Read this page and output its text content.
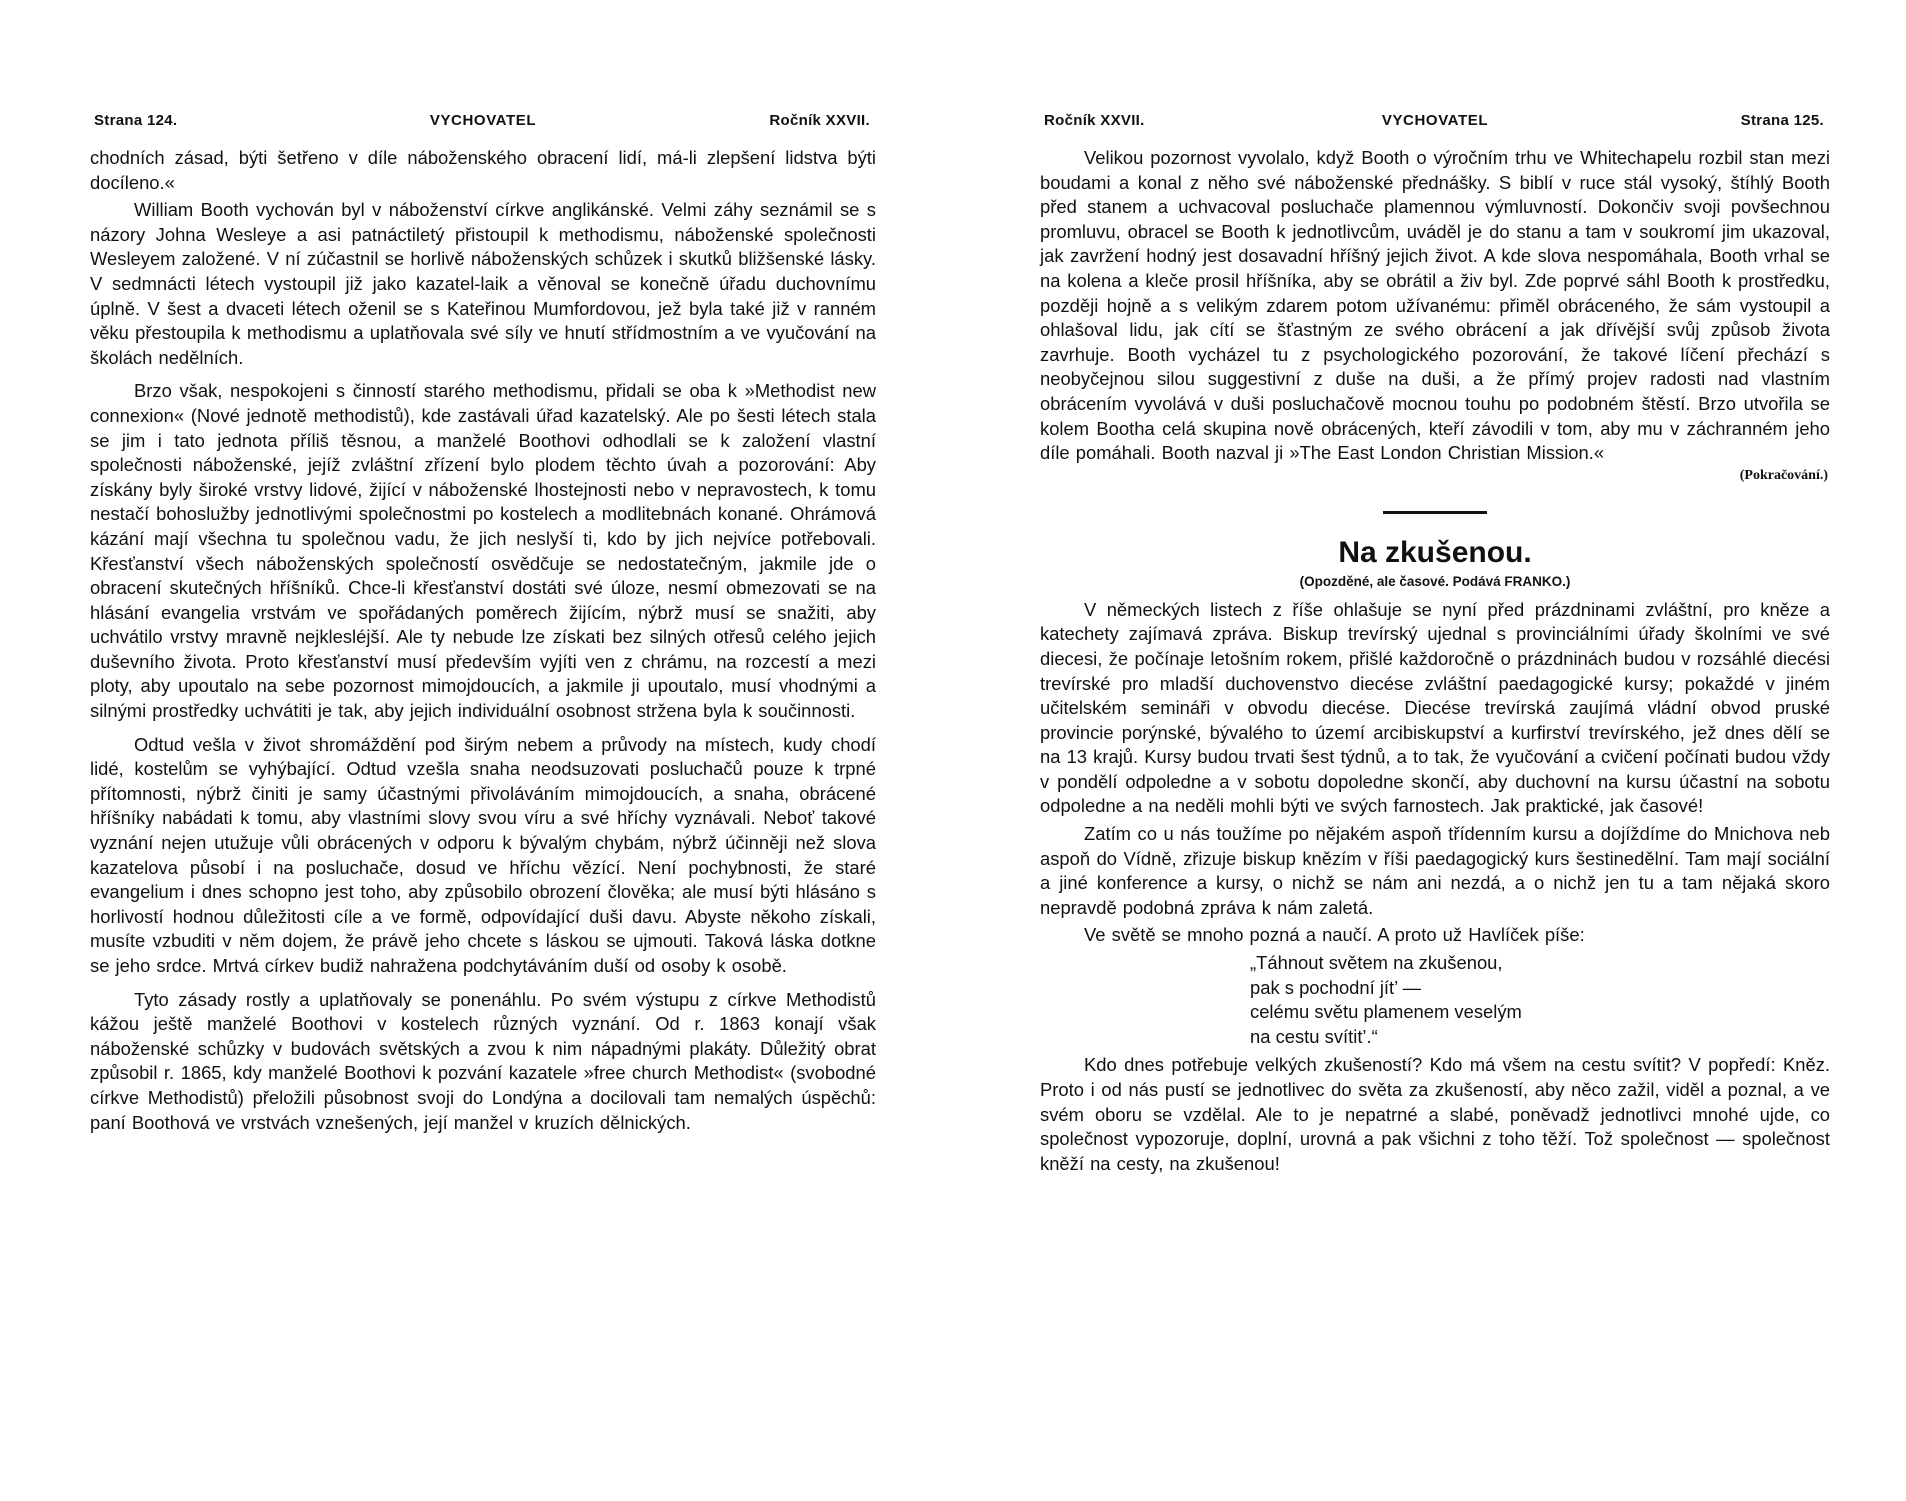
Strana 124.	VYCHOVATEL	Ročník XXVII.

chodních zásad, býti šetřeno v díle náboženského obracení lidí, má-li zlepšení lidstva býti docíleno.«

William Booth vychován byl v náboženství církve anglikánské. Velmi záhy seznámil se s názory Johna Wesleye a asi patnáctiletý přistoupil k methodismu, náboženské společnosti Wesleyem založené. V ní zúčastnil se horlivě náboženských schůzek i skutků bližšenské lásky. V sedmnácti létech vystoupil již jako kazatel-laik a věnoval se konečně úřadu duchovnímu úplně. V šest a dvaceti létech oženil se s Kateřinou Mumfordovou, jež byla také již v ranném věku přestoupila k methodismu a uplatňovala své síly ve hnutí střídmostním a ve vyučování na školách nedělních.

Brzo však, nespokojeni s činností starého methodismu, přidali se oba k »Methodist new connexion« (Nové jednotě methodistů), kde zastávali úřad kazatelský. Ale po šesti létech stala se jim i tato jednota příliš těsnou, a manželé Boothovi odhodlali se k založení vlastní společnosti náboženské, jejíž zvláštní zřízení bylo plodem těchto úvah a pozorování: Aby získány byly široké vrstvy lidové, žijící v náboženské lhostejnosti nebo v nepravostech, k tomu nestačí bohoslužby jednotlivými společnostmi po kostelech a modlitebnách konané. Ohrámová kázání mají všechna tu společnou vadu, že jich neslyší ti, kdo by jich nejvíce potřebovali. Křesťanství všech náboženských společností osvědčuje se nedostatečným, jakmile jde o obracení skutečných hříšníků. Chce-li křesťanství dostáti své úloze, nesmí obmezovati se na hlásání evangelia vrstvám ve spořádaných poměrech žijícím, nýbrž musí se snažiti, aby uchvátilo vrstvy mravně nejklesléjší. Ale ty nebude lze získati bez silných otřesů celého jejich duševního života. Proto křesťanství musí především vyjíti ven z chrámu, na rozcestí a mezi ploty, aby upoutalo na sebe pozornost mimojdoucích, a jakmile ji upoutalo, musí vhodnými a silnými prostředky uchvátiti je tak, aby jejich individuální osobnost stržena byla k součinnosti.

Odtud vešla v život shromáždění pod širým nebem a průvody na místech, kudy chodí lidé, kostelům se vyhýbající. Odtud vzešla snaha neodsuzovati posluchačů pouze k trpné přítomnosti, nýbrž činiti je samy účastnými přivoláváním mimojdoucích, a snaha, obrácené hříšníky nabádati k tomu, aby vlastními slovy svou víru a své hříchy vyznávali. Neboť takové vyznání nejen utužuje vůli obrácených v odporu k bývalým chybám, nýbrž účinněji než slova kazatelova působí i na posluchače, dosud ve hříchu vězící. Není pochybnosti, že staré evangelium i dnes schopno jest toho, aby způsobilo obrození člověka; ale musí býti hlásáno s horlivostí hodnou důležitosti cíle a ve formě, odpovídající duši davu. Abyste někoho získali, musíte vzbuditi v něm dojem, že právě jeho chcete s láskou se ujmouti. Taková láska dotkne se jeho srdce. Mrtvá církev budiž nahražena podchytáváním duší od osoby k osobě.

Tyto zásady rostly a uplatňovaly se ponenáhlu. Po svém výstupu z církve Methodistů kážou ještě manželé Boothovi v kostelech různých vyznání. Od r. 1863 konají však náboženské schůzky v budovách světských a zvou k nim nápadnými plakáty. Důležitý obrat způsobil r. 1865, kdy manželé Boothovi k pozvání kazatele »free church Methodist« (svobodné církve Methodistů) přeložili působnost svoji do Londýna a docilovali tam nemalých úspěchů: paní Boothová ve vrstvách vznešených, její manžel v kruzích dělnických.

Ročník XXVII.	VYCHOVATEL	Strana 125.

Velikou pozornost vyvolalo, když Booth o výročním trhu ve Whitechapelu rozbil stan mezi boudami a konal z něho své náboženské přednášky. S biblí v ruce stál vysoký, štíhlý Booth před stanem a uchvacoval posluchače plamennou výmluvností. Dokončiv svoji povšechnou promluvu, obracel se Booth k jednotlivcům, uváděl je do stanu a tam v soukromí jim ukazoval, jak zavržení hodný jest dosavadní hříšný jejich život. A kde slova nespomáhala, Booth vrhal se na kolena a kleče prosil hříšníka, aby se obrátil a živ byl. Zde poprvé sáhl Booth k prostředku, později hojně a s velikým zdarem potom užívanému: přiměl obráceného, že sám vystoupil a ohlašoval lidu, jak cítí se šťastným ze svého obrácení a jak dřívější svůj způsob života zavrhuje. Booth vycházel tu z psychologického pozorování, že takové líčení přechází s neobyčejnou silou suggestivní z duše na duši, a že přímý projev radosti nad vlastním obrácením vyvolává v duši posluchačově mocnou touhu po podobném štěstí. Brzo utvořila se kolem Bootha celá skupina nově obrácených, kteří závodili v tom, aby mu v záchranném jeho díle pomáhali. Booth nazval ji »The East London Christian Mission.«

(Pokračování.)
Na zkušenou.
(Opozděné, ale časové. Podává FRANKO.)

V německých listech z říše ohlašuje se nyní před prázdninami zvláštní, pro kněze a katechety zajímavá zpráva. Biskup trevírský ujednal s provinciálními úřady školními ve své diecesi, že počínaje letošním rokem, přišlé každoročně o prázdninách budou v rozsáhlé diecési trevírské pro mladší duchovenstvo diecése zvláštní paedagogické kursy; pokaždé v jiném učitelském semináři v obvodu diecése. Diecése trevírská zaujímá vládní obvod pruské provincie porýnské, bývalého to území arcibiskupství a kurfirství trevírského, jež dnes dělí se na 13 krajů. Kursy budou trvati šest týdnů, a to tak, že vyučování a cvičení počínati budou vždy v pondělí odpoledne a v sobotu dopoledne skončí, aby duchovní na kursu účastní na sobotu odpoledne a na neděli mohli býti ve svých farnostech. Jak praktické, jak časové!

Zatím co u nás toužíme po nějakém aspoň třídenním kursu a dojíždíme do Mnichova neb aspoň do Vídně, zřizuje biskup knězím v říši paedagogický kurs šestinedělní. Tam mají sociální a jiné konference a kursy, o nichž se nám ani nezdá, a o nichž jen tu a tam nějaká skoro nepravdě podobná zpráva k nám zaletá.

Ve světě se mnoho pozná a naučí. A proto už Havlíček píše:

„Táhnout světem na zkušenou,
pak s pochodní jít’ —
celému světu plamenem veselým
na cestu svítit’.“

Kdo dnes potřebuje velkých zkušeností? Kdo má všem na cestu svítit? V popředí: Kněz. Proto i od nás pustí se jednotlivec do světa za zkušeností, aby něco zažil, viděl a poznal, a ve svém oboru se vzdělal. Ale to je nepatrné a slabé, poněvadž jednotlivci mnohé ujde, co společnost vypozoruje, doplní, urovná a pak všichni z toho těží. Tož společnost — společnost kněží na cesty, na zkušenou!
